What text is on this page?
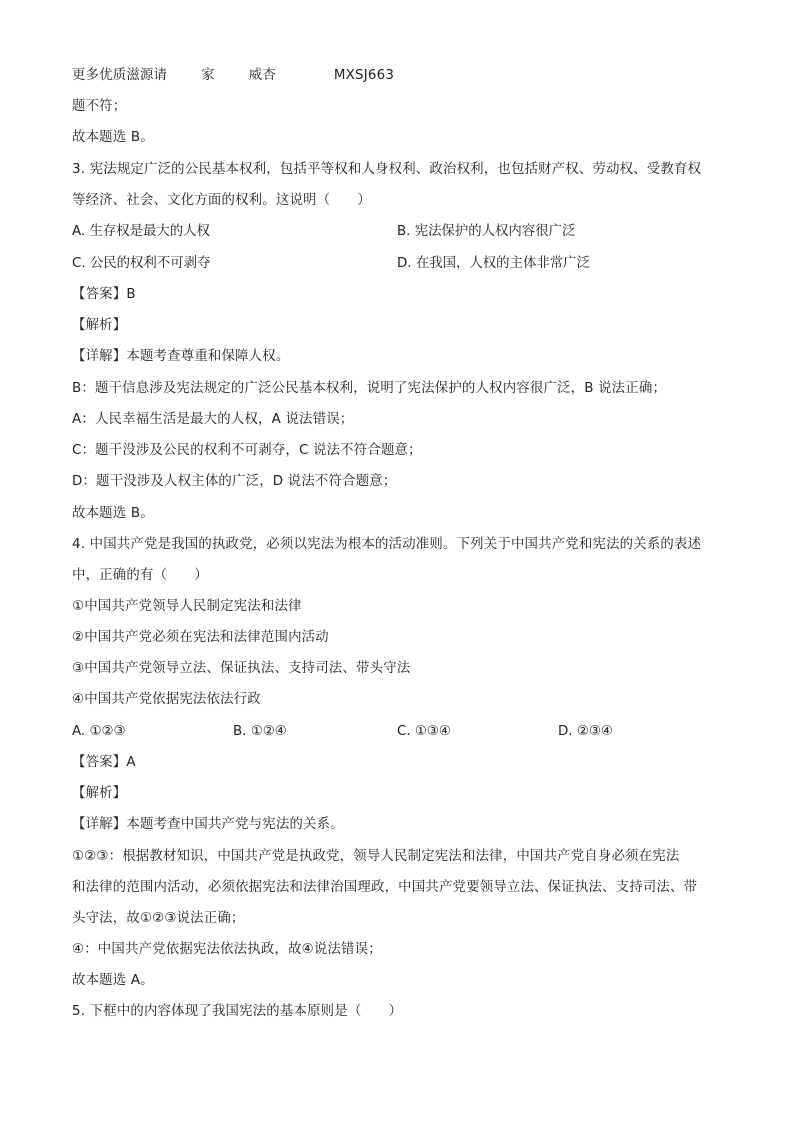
更多优质滋源请	家	威杏	MXSJ663
题不符；
故本题选 B。
3. 宪法规定广泛的公民基本权利，包括平等权和人身权利、政治权利，也包括财产权、劳动权、受教育权
等经济、社会、文化方面的权利。这说明（　　）
A. 生存权是最大的人权	B. 宪法保护的人权内容很广泛
C. 公民的权利不可剥夺	D. 在我国，人权的主体非常广泛
【答案】B
【解析】
【详解】本题考查尊重和保障人权。
B：题干信息涉及宪法规定的广泛公民基本权利，说明了宪法保护的人权内容很广泛，B 说法正确；
A：人民幸福生活是最大的人权，A 说法错误；
C：题干没涉及公民的权利不可剥夺，C 说法不符合题意；
D：题干没涉及人权主体的广泛，D 说法不符合题意；
故本题选 B。
4. 中国共产党是我国的执政党，必须以宪法为根本的活动准则。下列关于中国共产党和宪法的关系的表述
中，正确的有（　　）
①中国共产党领导人民制定宪法和法律
②中国共产党必须在宪法和法律范围内活动
③中国共产党领导立法、保证执法、支持司法、带头守法
④中国共产党依据宪法依法行政
A. ①②③	B. ①②④	C. ①③④	D. ②③④
【答案】A
【解析】
【详解】本题考查中国共产党与宪法的关系。
①②③：根据教材知识，中国共产党是执政党，领导人民制定宪法和法律，中国共产党自身必须在宪法
和法律的范围内活动，必须依据宪法和法律治国理政，中国共产党要领导立法、保证执法、支持司法、带
头守法，故①②③说法正确；
④：中国共产党依据宪法依法执政，故④说法错误；
故本题选 A。
5. 下框中的内容体现了我国宪法的基本原则是（　　）
